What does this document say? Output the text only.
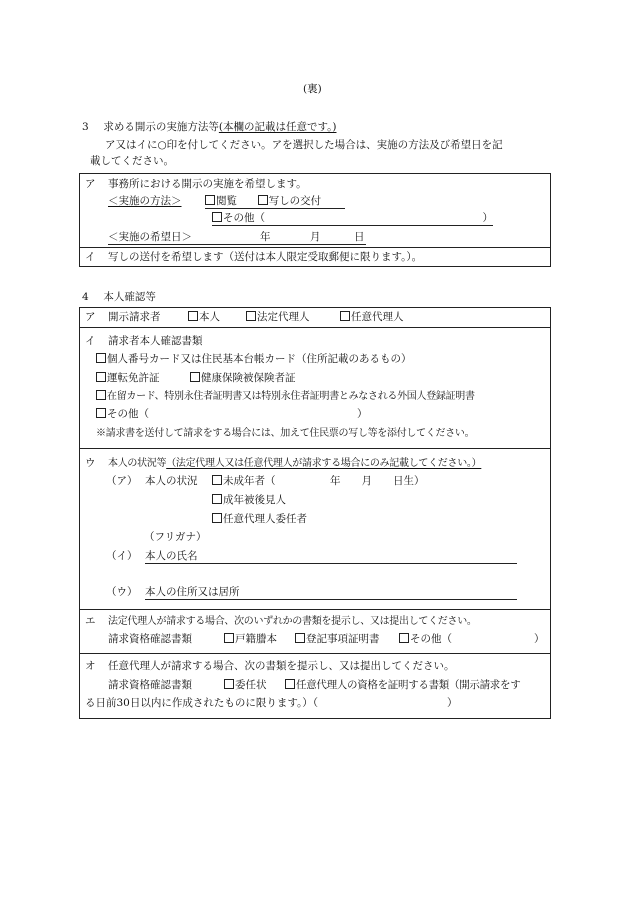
(裏)
3 求める開示の実施方法等(本欄の記載は任意です。)
ア又はイに○印を付してください。アを選択した場合は、実施の方法及び希望日を記
載してください。
ア 事務所における開示の実施を希望します。
＜実施の方法＞	閲覧	写しの交付
その他（	）
＜実施の希望日＞	年	月	日
イ 写しの送付を希望します（送付は本人限定受取郵便に限ります。）。
4 本人確認等
ア 開示請求者	本人	法定代理人	任意代理人
イ 請求者本人確認書類
個人番号カード又は住民基本台帳カード（住所記載のあるもの）
運転免許証	健康保険被保険者証
在留カード、特別永住者証明書又は特別永住者証明書とみなされる外国人登録証明書
その他（	）
※請求書を送付して請求をする場合には、加えて住民票の写し等を添付してください。
ウ 本人の状況等（法定代理人又は任意代理人が請求する場合にのみ記載してください。）
（ア） 本人の状況	未成年者（	年　　月　　日生）
成年被後見人
任意代理人委任者
（フリガナ）
（イ） 本人の氏名
（ウ） 本人の住所又は居所
エ 法定代理人が請求する場合、次のいずれかの書類を提示し、又は提出してください。
請求資格確認書類	戸籍謄本	登記事項証明書	その他（	）
オ 任意代理人が請求する場合、次の書類を提示し、又は提出してください。
請求資格確認書類	委任状	任意代理人の資格を証明する書類（開示請求をす
る日前30日以内に作成されたものに限ります。）（	）
